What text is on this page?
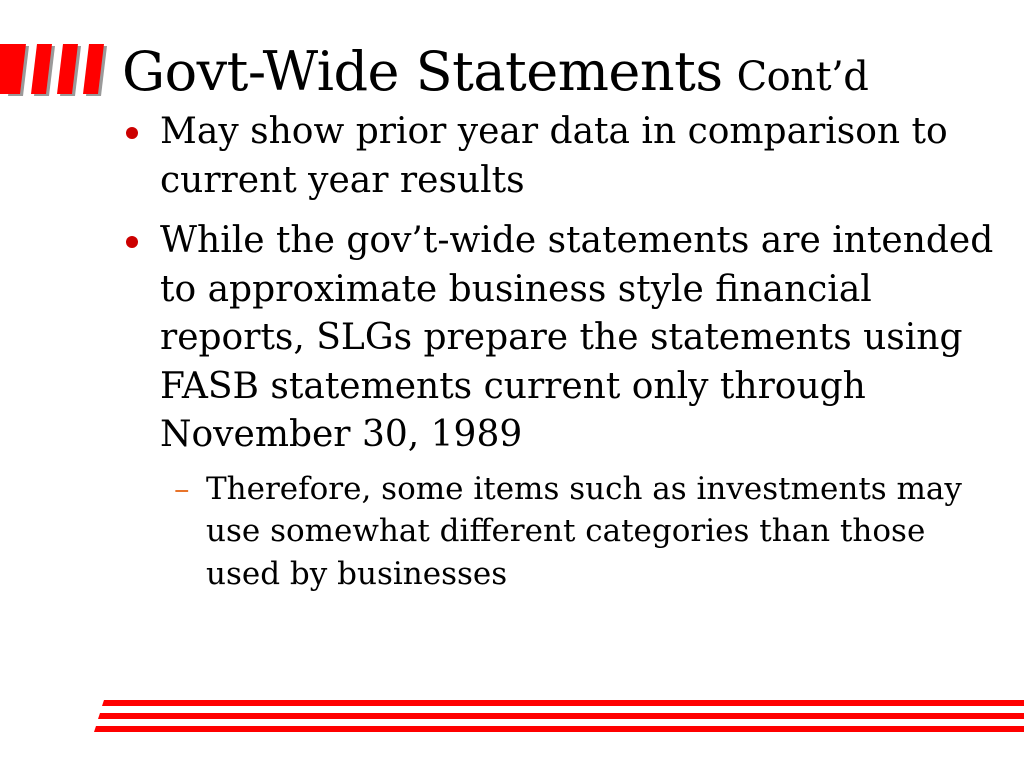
Govt-Wide Statements Cont’d
May show prior year data in comparison to current year results
While the gov’t-wide statements are intended to approximate business style financial reports, SLGs prepare the statements using FASB statements current only through November 30, 1989
– Therefore, some items such as investments may use somewhat different categories than those used by businesses
